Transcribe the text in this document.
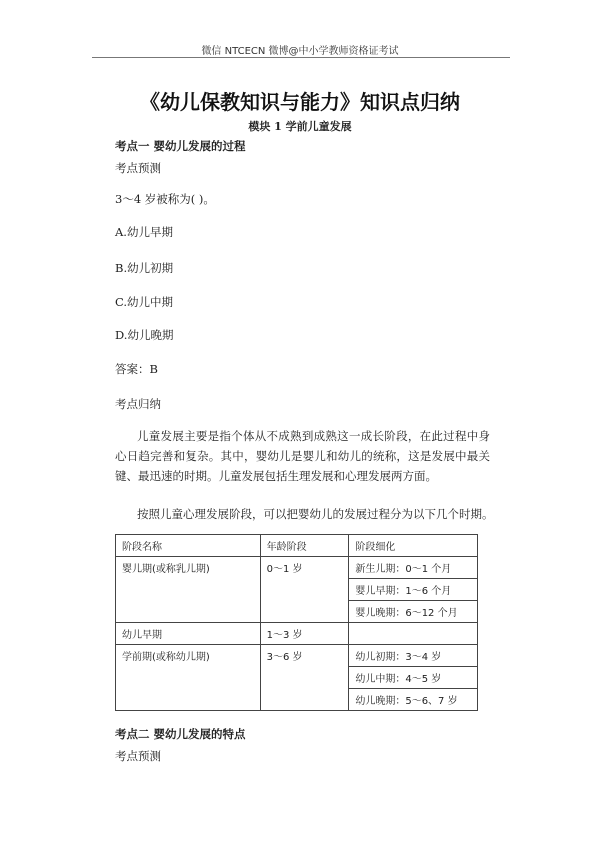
微信 NTCECN 微博@中小学教师资格证考试
《幼儿保教知识与能力》知识点归纳
模块 1 学前儿童发展
考点一 婴幼儿发展的过程
考点预测
3～4 岁被称为( )。
A.幼儿早期
B.幼儿初期
C.幼儿中期
D.幼儿晚期
答案：B
考点归纳
儿童发展主要是指个体从不成熟到成熟这一成长阶段，在此过程中身心日趋完善和复杂。其中，婴幼儿是婴儿和幼儿的统称，这是发展中最关键、最迅速的时期。儿童发展包括生理发展和心理发展两方面。
按照儿童心理发展阶段，可以把婴幼儿的发展过程分为以下几个时期。
阶段名称	年龄阶段	阶段细化
婴儿期(或称乳儿期)	0～1 岁	新生儿期：0～1 个月
		婴儿早期：1～6 个月
		婴儿晚期：6～12 个月
幼儿早期	1～3 岁	
学前期(或称幼儿期)	3～6 岁	幼儿初期：3～4 岁
		幼儿中期：4～5 岁
		幼儿晚期：5～6、7 岁
考点二 婴幼儿发展的特点
考点预测
